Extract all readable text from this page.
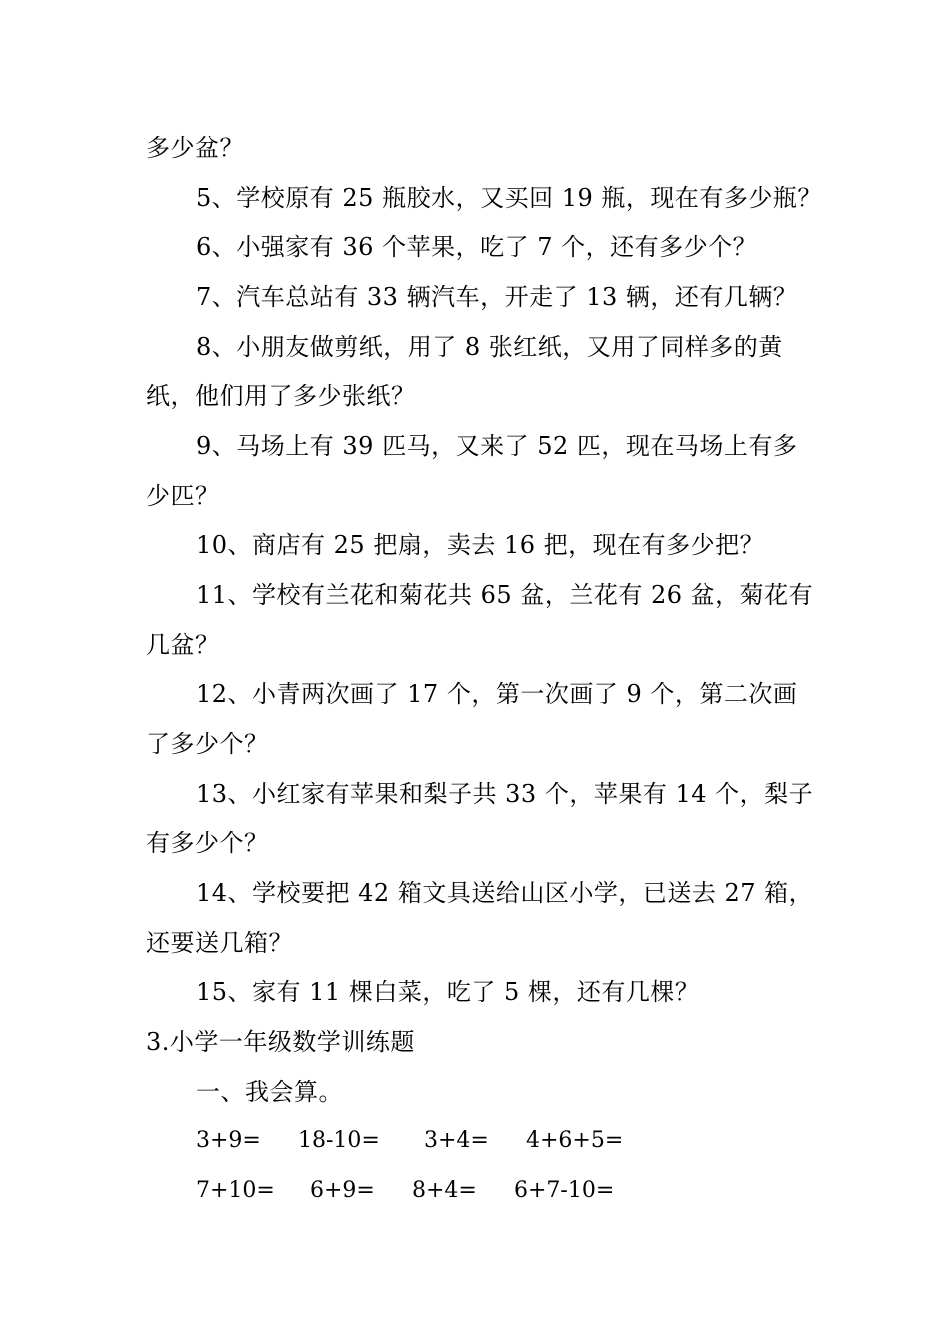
多少盆？
5、学校原有 25 瓶胶水，又买回 19 瓶，现在有多少瓶？
6、小强家有 36 个苹果，吃了 7 个，还有多少个？
7、汽车总站有 33 辆汽车，开走了 13 辆，还有几辆？
8、小朋友做剪纸，用了 8 张红纸，又用了同样多的黄
纸，他们用了多少张纸？
9、马场上有 39 匹马，又来了 52 匹，现在马场上有多
少匹？
10、商店有 25 把扇，卖去 16 把，现在有多少把？
11、学校有兰花和菊花共 65 盆，兰花有 26 盆，菊花有
几盆？
12、小青两次画了 17 个，第一次画了 9 个，第二次画
了多少个？
13、小红家有苹果和梨子共 33 个，苹果有 14 个，梨子
有多少个？
14、学校要把 42 箱文具送给山区小学，已送去 27 箱，
还要送几箱？
15、家有 11 棵白菜，吃了 5 棵，还有几棵？
3.小学一年级数学训练题
一、我会算。
3+9= 18-10= 3+4= 4+6+5=
7+10= 6+9= 8+4= 6+7-10=
